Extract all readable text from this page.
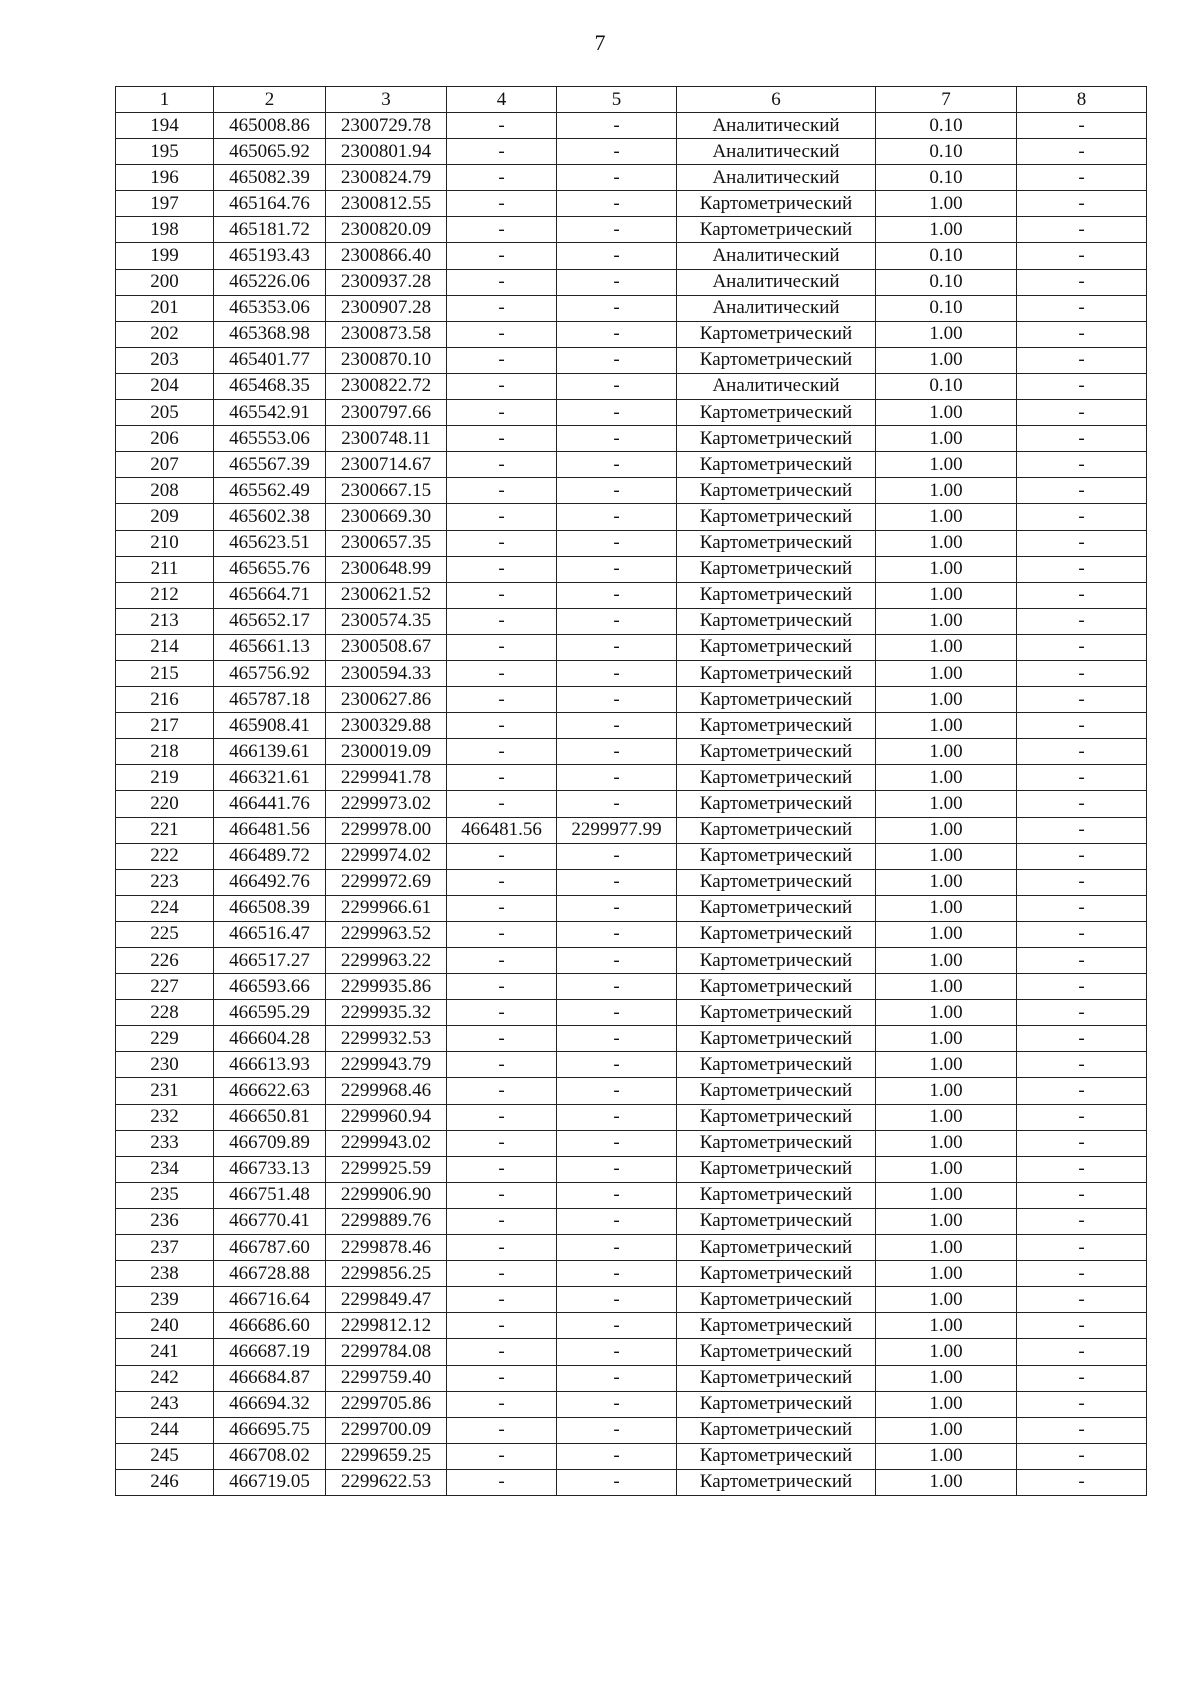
7
1	2	3	4	5	6	7	8
194	465008.86	2300729.78	-	-	Аналитический	0.10	-
195	465065.92	2300801.94	-	-	Аналитический	0.10	-
196	465082.39	2300824.79	-	-	Аналитический	0.10	-
197	465164.76	2300812.55	-	-	Картометрический	1.00	-
198	465181.72	2300820.09	-	-	Картометрический	1.00	-
199	465193.43	2300866.40	-	-	Аналитический	0.10	-
200	465226.06	2300937.28	-	-	Аналитический	0.10	-
201	465353.06	2300907.28	-	-	Аналитический	0.10	-
202	465368.98	2300873.58	-	-	Картометрический	1.00	-
203	465401.77	2300870.10	-	-	Картометрический	1.00	-
204	465468.35	2300822.72	-	-	Аналитический	0.10	-
205	465542.91	2300797.66	-	-	Картометрический	1.00	-
206	465553.06	2300748.11	-	-	Картометрический	1.00	-
207	465567.39	2300714.67	-	-	Картометрический	1.00	-
208	465562.49	2300667.15	-	-	Картометрический	1.00	-
209	465602.38	2300669.30	-	-	Картометрический	1.00	-
210	465623.51	2300657.35	-	-	Картометрический	1.00	-
211	465655.76	2300648.99	-	-	Картометрический	1.00	-
212	465664.71	2300621.52	-	-	Картометрический	1.00	-
213	465652.17	2300574.35	-	-	Картометрический	1.00	-
214	465661.13	2300508.67	-	-	Картометрический	1.00	-
215	465756.92	2300594.33	-	-	Картометрический	1.00	-
216	465787.18	2300627.86	-	-	Картометрический	1.00	-
217	465908.41	2300329.88	-	-	Картометрический	1.00	-
218	466139.61	2300019.09	-	-	Картометрический	1.00	-
219	466321.61	2299941.78	-	-	Картометрический	1.00	-
220	466441.76	2299973.02	-	-	Картометрический	1.00	-
221	466481.56	2299978.00	466481.56	2299977.99	Картометрический	1.00	-
222	466489.72	2299974.02	-	-	Картометрический	1.00	-
223	466492.76	2299972.69	-	-	Картометрический	1.00	-
224	466508.39	2299966.61	-	-	Картометрический	1.00	-
225	466516.47	2299963.52	-	-	Картометрический	1.00	-
226	466517.27	2299963.22	-	-	Картометрический	1.00	-
227	466593.66	2299935.86	-	-	Картометрический	1.00	-
228	466595.29	2299935.32	-	-	Картометрический	1.00	-
229	466604.28	2299932.53	-	-	Картометрический	1.00	-
230	466613.93	2299943.79	-	-	Картометрический	1.00	-
231	466622.63	2299968.46	-	-	Картометрический	1.00	-
232	466650.81	2299960.94	-	-	Картометрический	1.00	-
233	466709.89	2299943.02	-	-	Картометрический	1.00	-
234	466733.13	2299925.59	-	-	Картометрический	1.00	-
235	466751.48	2299906.90	-	-	Картометрический	1.00	-
236	466770.41	2299889.76	-	-	Картометрический	1.00	-
237	466787.60	2299878.46	-	-	Картометрический	1.00	-
238	466728.88	2299856.25	-	-	Картометрический	1.00	-
239	466716.64	2299849.47	-	-	Картометрический	1.00	-
240	466686.60	2299812.12	-	-	Картометрический	1.00	-
241	466687.19	2299784.08	-	-	Картометрический	1.00	-
242	466684.87	2299759.40	-	-	Картометрический	1.00	-
243	466694.32	2299705.86	-	-	Картометрический	1.00	-
244	466695.75	2299700.09	-	-	Картометрический	1.00	-
245	466708.02	2299659.25	-	-	Картометрический	1.00	-
246	466719.05	2299622.53	-	-	Картометрический	1.00	-
